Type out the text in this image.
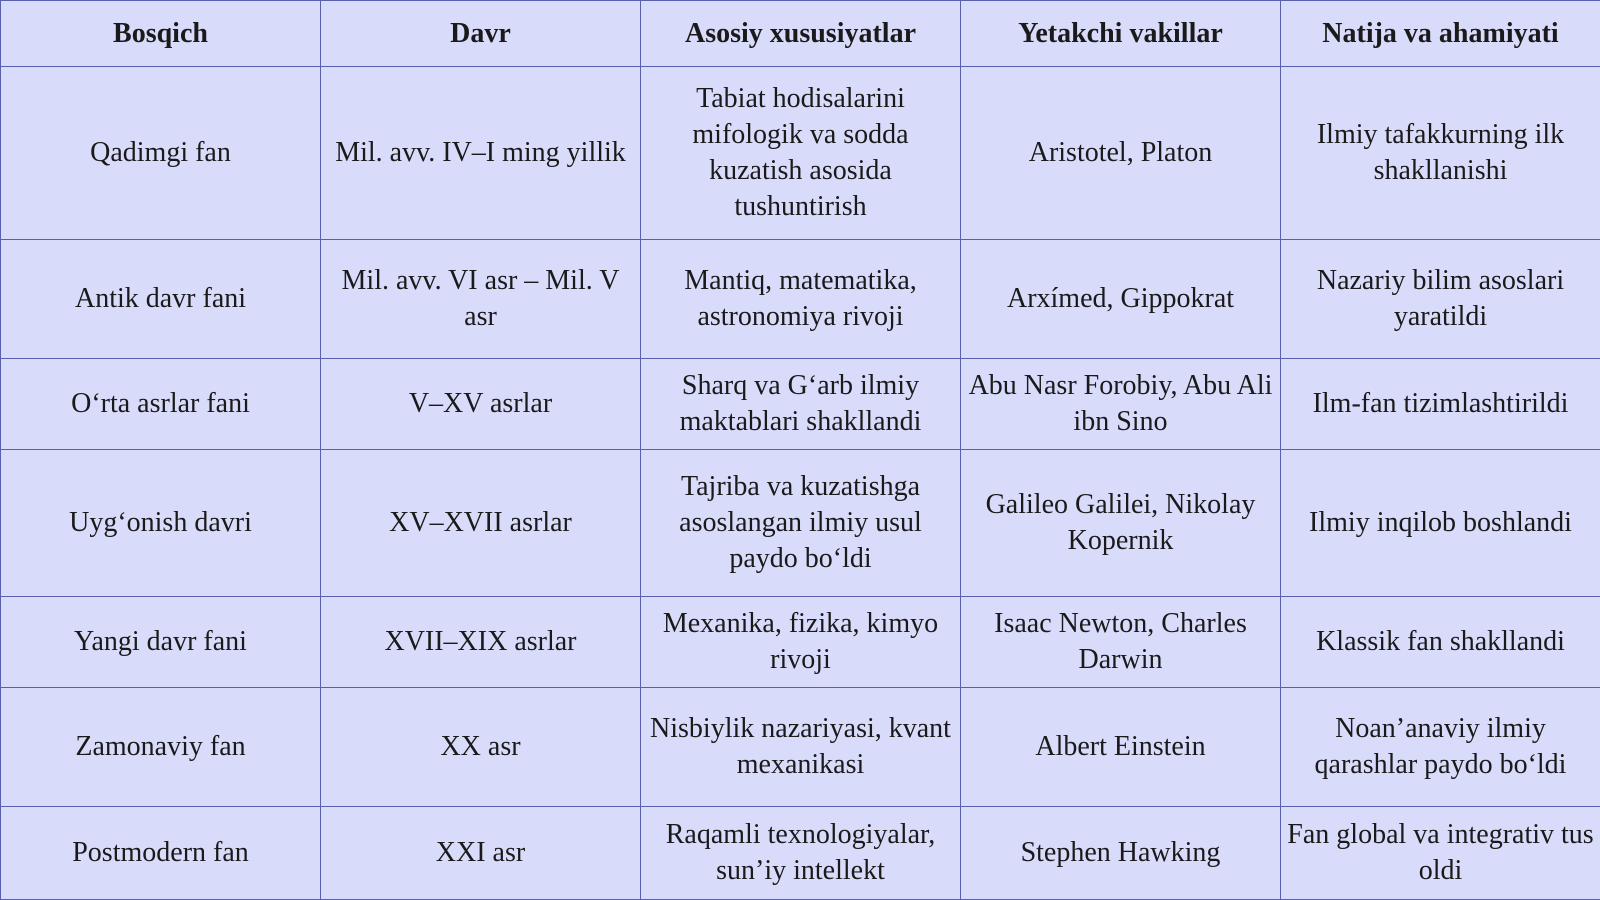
Bosqich	Davr	Asosiy xususiyatlar	Yetakchi vakillar	Natija va ahamiyati
Qadimgi fan	Mil. avv. IV–I ming yillik	Tabiat hodisalarini mifologik va sodda kuzatish asosida tushuntirish	Aristotel, Platon	Ilmiy tafakkurning ilk shakllanishi
Antik davr fani	Mil. avv. VI asr – Mil. V asr	Mantiq, matematika, astronomiya rivoji	Arxímed, Gippokrat	Nazariy bilim asoslari yaratildi
O‘rta asrlar fani	V–XV asrlar	Sharq va G‘arb ilmiy maktablari shakllandi	Abu Nasr Forobiy, Abu Ali ibn Sino	Ilm-fan tizimlashtirildi
Uyg‘onish davri	XV–XVII asrlar	Tajriba va kuzatishga asoslangan ilmiy usul paydo bo‘ldi	Galileo Galilei, Nikolay Kopernik	Ilmiy inqilob boshlandi
Yangi davr fani	XVII–XIX asrlar	Mexanika, fizika, kimyo rivoji	Isaac Newton, Charles Darwin	Klassik fan shakllandi
Zamonaviy fan	XX asr	Nisbiylik nazariyasi, kvant mexanikasi	Albert Einstein	Noan’anaviy ilmiy qarashlar paydo bo‘ldi
Postmodern fan	XXI asr	Raqamli texnologiyalar, sun’iy intellekt	Stephen Hawking	Fan global va integrativ tus oldi
